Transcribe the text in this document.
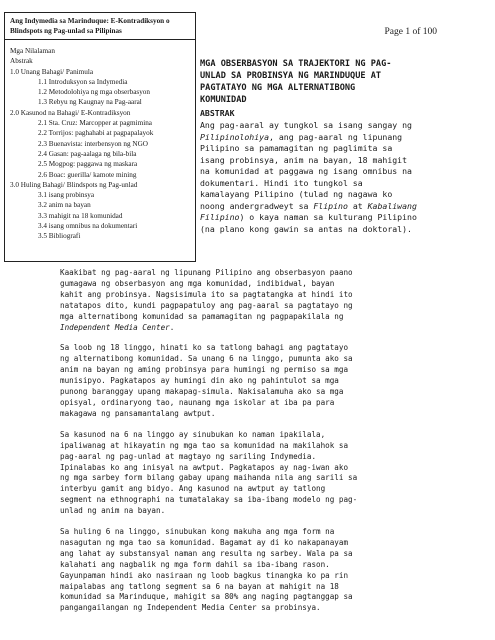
Ang Indymedia sa Marinduque: E-Kontradiksyon o
Blindspots ng Pag-unlad sa Pilipinas
Mga Nilalaman
Abstrak
1.0 Unang Bahagi/ Panimula
1.1 Introduksyon sa Indymedia
1.2 Metodolohiya ng mga obserbasyon
1.3 Rebyu ng Kaugnay na Pag-aaral
2.0 Kasunod na Bahagi/ E-Kontradiksyon
2.1 Sta. Cruz: Marcopper at pagmimina
2.2 Torrijos: paghahabi at pagpapalayok
2.3 Buenavista: interbensyon ng NGO
2.4 Gasan: pag-aalaga ng bila-bila
2.5 Mogpog: paggawa ng maskara
2.6 Boac: guerilla/ kamote mining
3.0 Huling Bahagi/ Blindspots ng Pag-unlad
3.1 isang probinsya
3.2 anim na bayan
3.3 mahigit na 18 komunidad
3.4 isang omnibus na dokumentari
3.5 Bibliografi
Page 1 of 100
MGA OBSERBASYON SA TRAJEKTORI NG PAG-
UNLAD SA PROBINSYA NG MARINDUQUE AT
PAGTATAYO NG MGA ALTERNATIBONG
KOMUNIDAD
ABSTRAK
Ang pag-aaral ay tungkol sa isang sangay ng
Pilipinolohiya, ang pag-aaral ng lipunang
Pilipino sa pamamagitan ng paglimita sa
isang probinsya, anim na bayan, 18 mahigit
na komunidad at paggawa ng isang omnibus na
dokumentari. Hindi ito tungkol sa
kamalayang Pilipino (tulad ng nagawa ko
noong andergradweyt sa Flipino at Kabaliwang
Filipino) o kaya naman sa kulturang Pilipino
(na plano kong gawin sa antas na doktoral).

Kaakibat ng pag-aaral ng lipunang Pilipino ang obserbasyon paano
gumagawa ng obserbasyon ang mga komunidad, indibidwal, bayan
kahit ang probinsya. Nagsisimula ito sa pagtatangka at hindi ito
natatapos dito, kundi pagpapatuloy ang pag-aaral sa pagtatayo ng
mga alternatibong komunidad sa pamamagitan ng pagpapakilala ng
Independent Media Center.

Sa loob ng 18 linggo, hinati ko sa tatlong bahagi ang pagtatayo
ng alternatibong komunidad. Sa unang 6 na linggo, pumunta ako sa
anim na bayan ng aming probinsya para humingi ng permiso sa mga
munisipyo. Pagkatapos ay humingi din ako ng pahintulot sa mga
punong baranggay upang makapag-simula. Nakisalamuha ako sa mga
opisyal, ordinaryong tao, naunang mga iskolar at iba pa para
makagawa ng pansamantalang awtput.

Sa kasunod na 6 na linggo ay sinubukan ko naman ipakilala,
ipaliwanag at hikayatin ng mga tao sa komunidad na makilahok sa
pag-aaral ng pag-unlad at magtayo ng sariling Indymedia.
Ipinalabas ko ang inisyal na awtput. Pagkatapos ay nag-iwan ako
ng mga sarbey form bilang gabay upang maihanda nila ang sarili sa
interbyu gamit ang bidyo. Ang kasunod na awtput ay tatlong
segment na ethnographi na tumatalakay sa iba-ibang modelo ng pag-
unlad ng anim na bayan.

Sa huling 6 na linggo, sinubukan kong makuha ang mga form na
nasagutan ng mga tao sa komunidad. Bagamat ay di ko nakapanayam
ang lahat ay substansyal naman ang resulta ng sarbey. Wala pa sa
kalahati ang nagbalik ng mga form dahil sa iba-ibang rason.
Gayunpaman hindi ako nasiraan ng loob bagkus tinangka ko pa rin
maipalabas ang tatlong segment sa 6 na bayan at mahigit na 18
komunidad sa Marinduque, mahigit sa 80% ang naging pagtanggap sa
pangangailangan ng Independent Media Center sa probinsya.
